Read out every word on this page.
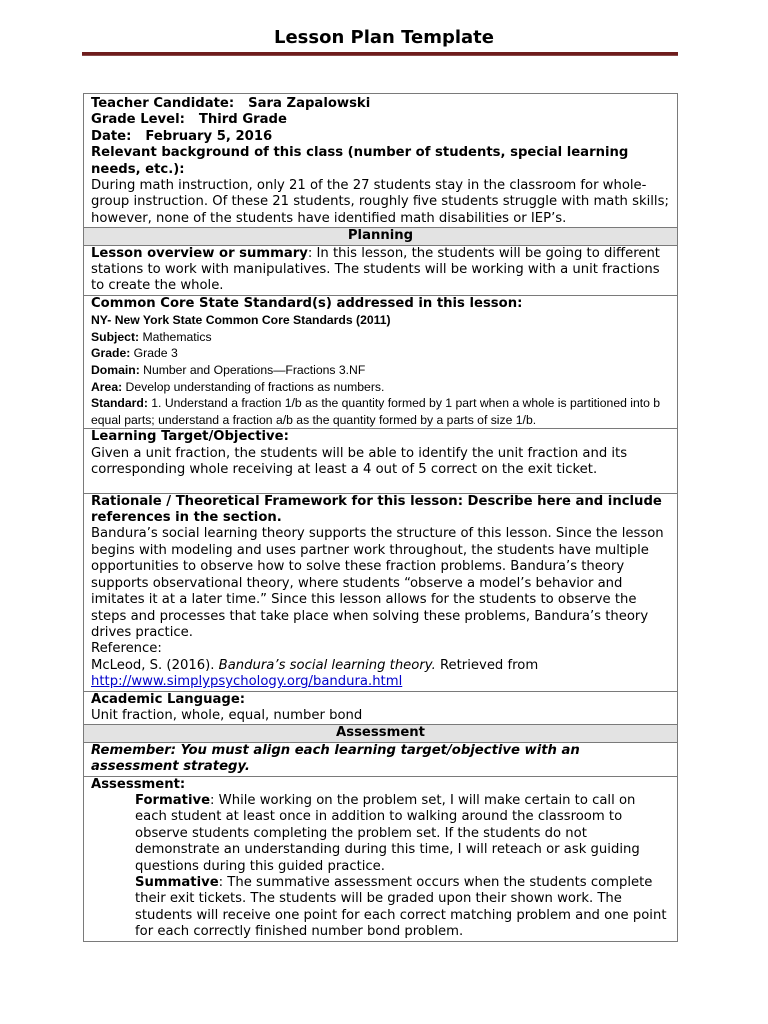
Lesson Plan Template
Teacher Candidate: Sara Zapalowski
Grade Level: Third Grade
Date: February 5, 2016
Relevant background of this class (number of students, special learning needs, etc.):
During math instruction, only 21 of the 27 students stay in the classroom for whole-group instruction. Of these 21 students, roughly five students struggle with math skills; however, none of the students have identified math disabilities or IEP’s.

Planning
Lesson overview or summary: In this lesson, the students will be going to different stations to work with manipulatives. The students will be working with a unit fractions to create the whole.

Common Core State Standard(s) addressed in this lesson:
NY- New York State Common Core Standards (2011)
Subject: Mathematics
Grade: Grade 3
Domain: Number and Operations—Fractions 3.NF
Area: Develop understanding of fractions as numbers.
Standard: 1. Understand a fraction 1/b as the quantity formed by 1 part when a whole is partitioned into b equal parts; understand a fraction a/b as the quantity formed by a parts of size 1/b.

Learning Target/Objective:
Given a unit fraction, the students will be able to identify the unit fraction and its corresponding whole receiving at least a 4 out of 5 correct on the exit ticket.

Rationale / Theoretical Framework for this lesson: Describe here and include references in the section.
Bandura’s social learning theory supports the structure of this lesson. Since the lesson begins with modeling and uses partner work throughout, the students have multiple opportunities to observe how to solve these fraction problems. Bandura’s theory supports observational theory, where students “observe a model’s behavior and imitates it at a later time.” Since this lesson allows for the students to observe the steps and processes that take place when solving these problems, Bandura’s theory drives practice.
Reference:
McLeod, S. (2016). Bandura’s social learning theory. Retrieved from
http://www.simplypsychology.org/bandura.html

Academic Language:
Unit fraction, whole, equal, number bond

Assessment
Remember: You must align each learning target/objective with an assessment strategy.

Assessment:
Formative: While working on the problem set, I will make certain to call on each student at least once in addition to walking around the classroom to observe students completing the problem set. If the students do not demonstrate an understanding during this time, I will reteach or ask guiding questions during this guided practice.
Summative: The summative assessment occurs when the students complete their exit tickets. The students will be graded upon their shown work. The students will receive one point for each correct matching problem and one point for each correctly finished number bond problem.
